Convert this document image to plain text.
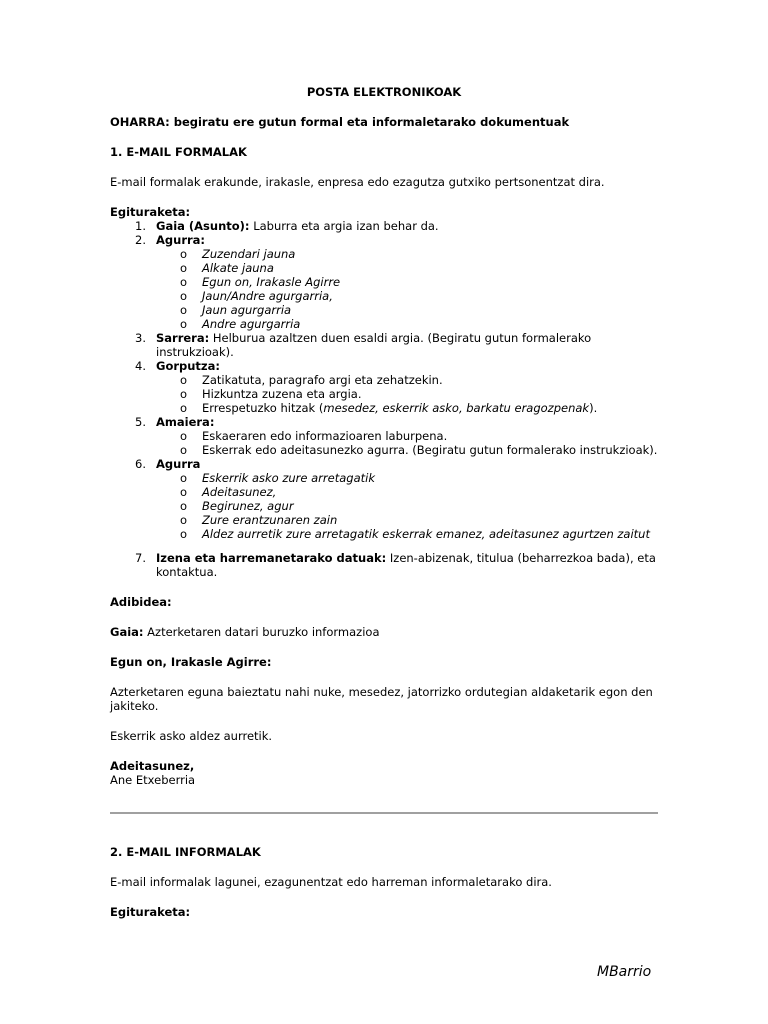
POSTA ELEKTRONIKOAK

OHARRA: begiratu ere gutun formal eta informaletarako dokumentuak

1. E-MAIL FORMALAK

E-mail formalak erakunde, irakasle, enpresa edo ezagutza gutxiko pertsonentzat dira.

Egituraketa:

1. Gaia (Asunto): Laburra eta argia izan behar da.
2. Agurra:
o Zuzendari jauna
o Alkate jauna
o Egun on, Irakasle Agirre
o Jaun/Andre agurgarria,
o Jaun agurgarria
o Andre agurgarria
3. Sarrera: Helburua azaltzen duen esaldi argia. (Begiratu gutun formalerako instrukzioak).
4. Gorputza:
o Zatikatuta, paragrafo argi eta zehatzekin.
o Hizkuntza zuzena eta argia.
o Errespetuzko hitzak (mesedez, eskerrik asko, barkatu eragozpenak).
5. Amaiera:
o Eskaeraren edo informazioaren laburpena.
o Eskerrak edo adeitasunezko agurra. (Begiratu gutun formalerako instrukzioak).
6. Agurra
o Eskerrik asko zure arretagatik
o Adeitasunez,
o Begirunez, agur
o Zure erantzunaren zain
o Aldez aurretik zure arretagatik eskerrak emanez, adeitasunez agurtzen zaitut
7. Izena eta harremanetarako datuak: Izen-abizenak, titulua (beharrezkoa bada), eta kontaktua.

Adibidea:

Gaia: Azterketaren datari buruzko informazioa

Egun on, Irakasle Agirre:

Azterketaren eguna baieztatu nahi nuke, mesedez, jatorrizko ordutegian aldaketarik egon den jakiteko.

Eskerrik asko aldez aurretik.

Adeitasunez,

Ane Etxeberria

2. E-MAIL INFORMALAK

E-mail informalak lagunei, ezagunentzat edo harreman informaletarako dira.

Egituraketa:

MBarrio
